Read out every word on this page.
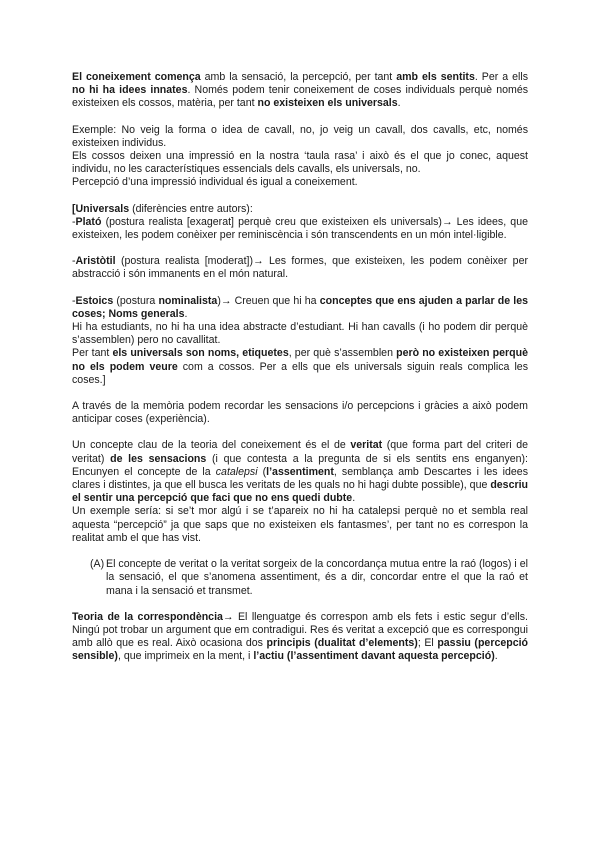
El coneixement comença amb la sensació, la percepció, per tant amb els sentits. Per a ells no hi ha idees innates. Només podem tenir coneixement de coses individuals perquè només existeixen els cossos, matèria, per tant no existeixen els universals.

Exemple: No veig la forma o idea de cavall, no, jo veig un cavall, dos cavalls, etc, només existeixen individus.

Els cossos deixen una impressió en la nostra ‘taula rasa’ i això és el que jo conec, aquest individu, no les característiques essencials dels cavalls, els universals, no.

Percepció d’una impressió individual és igual a coneixement.

[Universals (diferències entre autors):

-Plató (postura realista [exagerat] perquè creu que existeixen els universals)→ Les idees, que existeixen, les podem conèixer per reminiscència i són transcendents en un món intel·ligible.

-Aristòtil (postura realista [moderat])→ Les formes, que existeixen, les podem conèixer per abstracció i són immanents en el món natural.

-Estoics (postura nominalista)→ Creuen que hi ha conceptes que ens ajuden a parlar de les coses; Noms generals.

Hi ha estudiants, no hi ha una idea abstracte d’estudiant. Hi han cavalls (i ho podem dir perquè s’assemblen) pero no cavallitat.

Per tant els universals son noms, etiquetes, per què s’assemblen però no existeixen perquè no els podem veure com a cossos. Per a ells que els universals siguin reals complica les coses.]

A través de la memòria podem recordar les sensacions i/o percepcions i gràcies a això podem anticipar coses (experiència).

Un concepte clau de la teoria del coneixement és el de veritat (que forma part del criteri de veritat) de les sensacions (i que contesta a la pregunta de si els sentits ens enganyen): Encunyen el concepte de la catalepsi (l’assentiment, semblança amb Descartes i les idees clares i distintes, ja que ell busca les veritats de les quals no hi hagi dubte possible), que descriu el sentir una percepció que faci que no ens quedi dubte.

Un exemple sería: si se’t mor algú i se t’apareix no hi ha catalepsi perquè no et sembla real aquesta “percepció” ja que saps que no existeixen els fantasmes’, per tant no es correspon la realitat amb el que has vist.

(A) El concepte de veritat o la veritat sorgeix de la concordança mutua entre la raó (logos) i el la sensació, el que s’anomena assentiment, és a dir, concordar entre el que la raó et mana i la sensació et transmet.

Teoria de la correspondència→ El llenguatge és correspon amb els fets i estic segur d’ells. Ningú pot trobar un argument que em contradigui. Res és veritat a excepció que es correspongui amb allò que es real. Això ocasiona dos principis (dualitat d’elements); El passiu (percepció sensible), que imprimeix en la ment, i l’actiu (l’assentiment davant aquesta percepció).
